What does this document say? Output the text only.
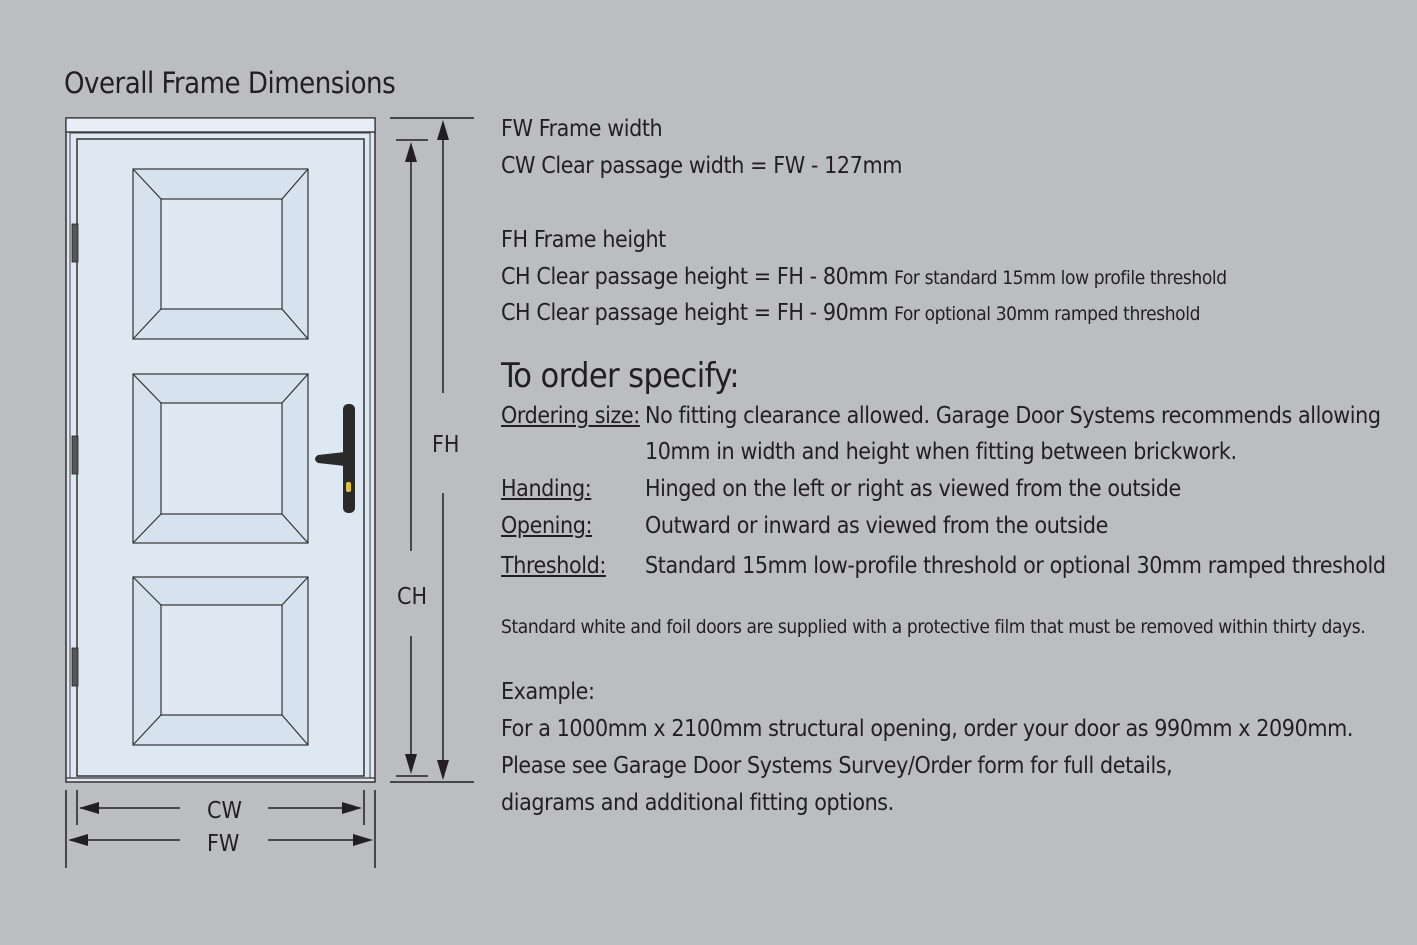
FH
CH
CW
FW
Overall Frame Dimensions
FW Frame width
CW Clear passage width = FW - 127mm
FH Frame height
CH Clear passage height = FH - 80mm For standard 15mm low profile threshold
CH Clear passage height = FH - 90mm For optional 30mm ramped threshold
To order specify:
Ordering size: No fitting clearance allowed. Garage Door Systems recommends allowing
10mm in width and height when fitting between brickwork.
Handing: Hinged on the left or right as viewed from the outside
Opening: Outward or inward as viewed from the outside
Threshold: Standard 15mm low-profile threshold or optional 30mm ramped threshold
Standard white and foil doors are supplied with a protective film that must be removed within thirty days.
Example:
For a 1000mm x 2100mm structural opening, order your door as 990mm x 2090mm.
Please see Garage Door Systems Survey/Order form for full details,
diagrams and additional fitting options.
